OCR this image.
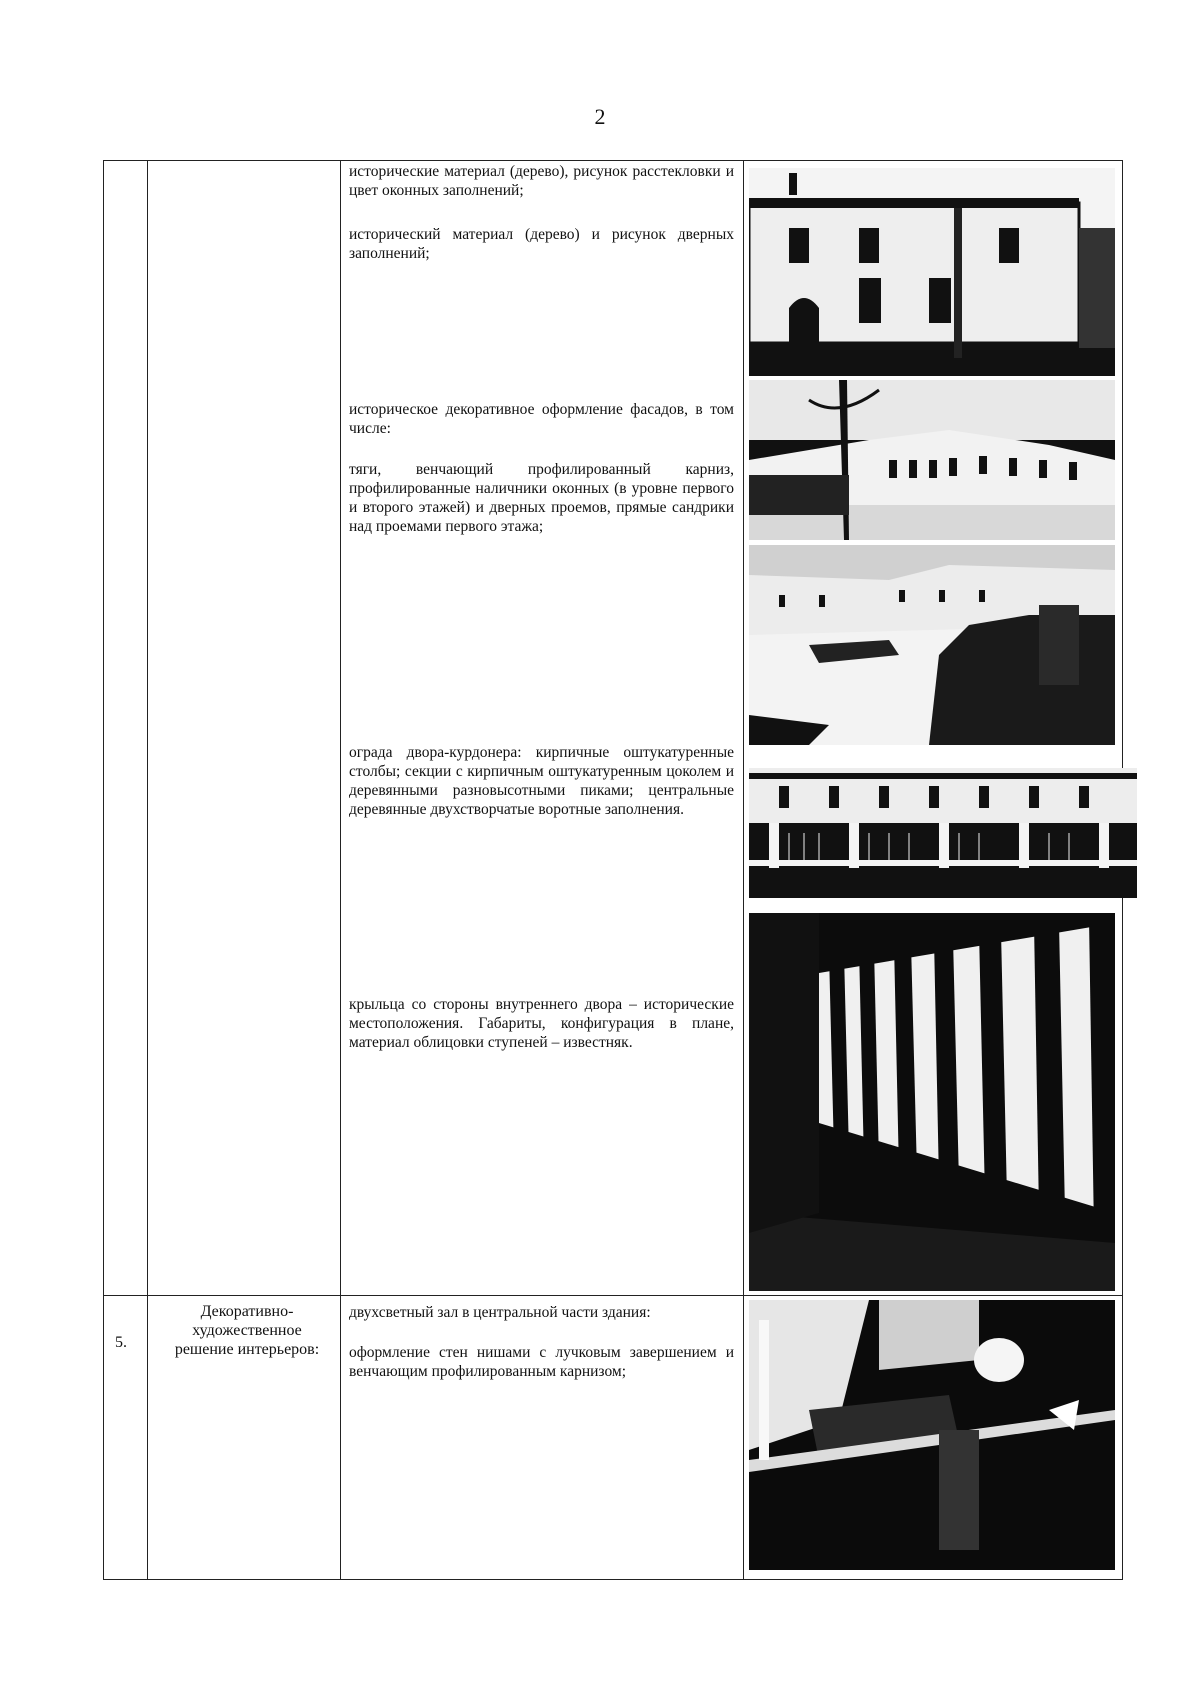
2
исторические материал (дерево), рисунок расстекловки и цвет оконных заполнений;
исторический материал (дерево) и рисунок дверных заполнений;
историческое декоративное оформление фасадов, в том числе:
тяги, венчающий профилированный карниз, профилированные наличники оконных (в уровне первого и второго этажей) и дверных проемов, прямые сандрики над проемами первого этажа;
ограда двора-курдонера: кирпичные оштукатуренные столбы; секции с кирпичным оштукатуренным цоколем и деревянными разновысотными пиками; центральные деревянные двухстворчатые воротные заполнения.
крыльца со стороны внутреннего двора – исторические местоположения. Габариты, конфигурация в плане, материал облицовки ступеней – известняк.
5.
Декоративно-художественное решение интерьеров:
двухсветный зал в центральной части здания:
оформление стен нишами с лучковым завершением и венчающим профилированным карнизом;
